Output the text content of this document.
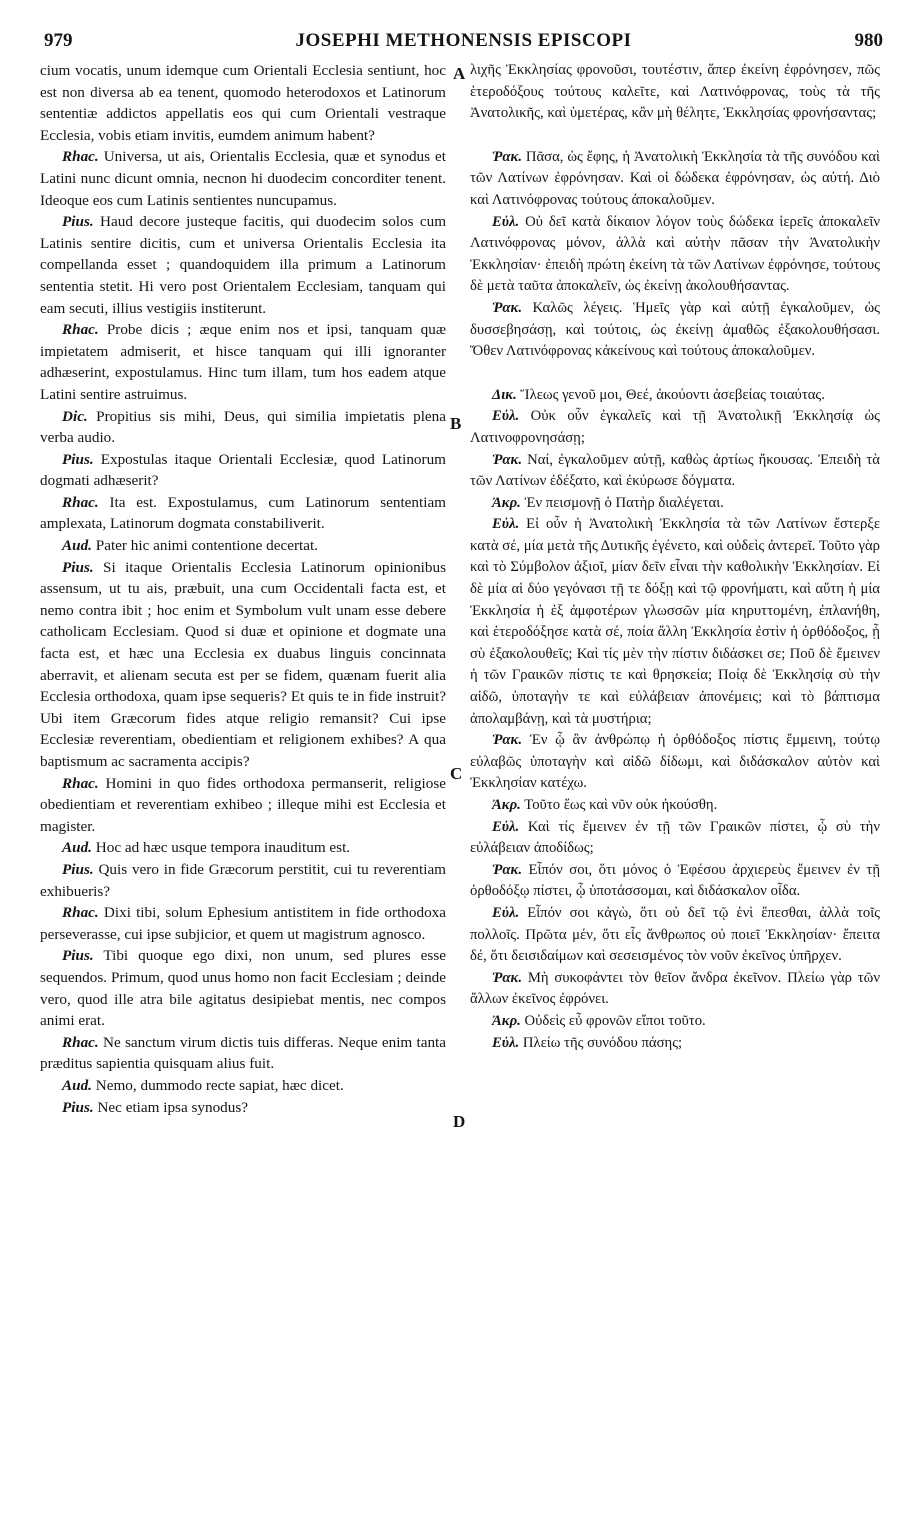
979	JOSEPHI METHONENSIS EPISCOPI	980
A
B
C
D

cium vocatis, unum idemque cum Orientali Ecclesia sentiunt, hoc est non diversa ab ea tenent, quomodo heterodoxos et Latinorum sententiæ addictos appellatis eos qui cum Orientali vestraque Ecclesia, vobis etiam invitis, eumdem animum habent?

Rhac. Universa, ut ais, Orientalis Ecclesia, quæ et synodus et Latini nunc dicunt omnia, necnon hi duodecim concorditer tenent. Ideoque eos cum Latinis sentientes nuncupamus.

Pius. Haud decore justeque facitis, qui duodecim solos cum Latinis sentire dicitis, cum et universa Orientalis Ecclesia ita compellanda esset ; quandoquidem illa primum a Latinorum sententia stetit. Hi vero post Orientalem Ecclesiam, tanquam qui eam secuti, illius vestigiis institerunt.

Rhac. Probe dicis ; æque enim nos et ipsi, tanquam quæ impietatem admiserit, et hisce tanquam qui illi ignoranter adhæserint, expostulamus. Hinc tum illam, tum hos eadem atque Latini sentire astruimus.

Dic. Propitius sis mihi, Deus, qui similia impietatis plena verba audio.

Pius. Expostulas itaque Orientali Ecclesiæ, quod Latinorum dogmati adhæserit?

Rhac. Ita est. Expostulamus, cum Latinorum sententiam amplexata, Latinorum dogmata constabiliverit.

Aud. Pater hic animi contentione decertat.

Pius. Si itaque Orientalis Ecclesia Latinorum opinionibus assensum, ut tu ais, præbuit, una cum Occidentali facta est, et nemo contra ibit ; hoc enim et Symbolum vult unam esse debere catholicam Ecclesiam. Quod si duæ et opinione et dogmate una facta est, et hæc una Ecclesia ex duabus linguis concinnata aberravit, et alienam secuta est per se fidem, quænam fuerit alia Ecclesia orthodoxa, quam ipse sequeris? Et quis te in fide instruit? Ubi item Græcorum fides atque religio remansit? Cui ipse Ecclesiæ reverentiam, obedientiam et religionem exhibes? A qua baptismum ac sacramenta accipis?

Rhac. Homini in quo fides orthodoxa permanserit, religiose obedientiam et reverentiam exhibeo ; illeque mihi est Ecclesia et magister.

Aud. Hoc ad hæc usque tempora inauditum est.

Pius. Quis vero in fide Græcorum perstitit, cui tu reverentiam exhibueris?

Rhac. Dixi tibi, solum Ephesium antistitem in fide orthodoxa perseverasse, cui ipse subjicior, et quem ut magistrum agnosco.

Pius. Tibi quoque ego dixi, non unum, sed plures esse sequendos. Primum, quod unus homo non facit Ecclesiam ; deinde vero, quod ille atra bile agitatus desipiebat mentis, nec compos animi erat.

Rhac. Ne sanctum virum dictis tuis differas. Neque enim tanta præditus sapientia quisquam alius fuit.

Aud. Nemo, dummodo recte sapiat, hæc dicet.

Pius. Nec etiam ipsa synodus?

λιχῆς Ἐκκλησίας φρονοῦσι, τουτέστιν, ἅπερ ἐκείνη ἐφρόνησεν, πῶς ἑτεροδόξους τούτους καλεῖτε, καὶ Λατινόφρονας, τοὺς τὰ τῆς Ἀνατολικῆς, καὶ ὑμετέρας, κἂν μὴ θέλητε, Ἐκκλησίας φρονήσαντας;

Ῥακ. Πᾶσα, ὡς ἔφης, ἡ Ἀνατολικὴ Ἐκκλησία τὰ τῆς συνόδου καὶ τῶν Λατίνων ἐφρόνησαν. Καὶ οἱ δώδεκα ἐφρόνησαν, ὡς αὐτή. Διὸ καὶ Λατινόφρονας τούτους ἀποκαλοῦμεν.

Εὐλ. Οὐ δεῖ κατὰ δίκαιον λόγον τοὺς δώδεκα ἱερεῖς ἀποκαλεῖν Λατινόφρονας μόνον, ἀλλὰ καὶ αὐτὴν πᾶσαν τὴν Ἀνατολικὴν Ἐκκλησίαν· ἐπειδὴ πρώτη ἐκείνη τὰ τῶν Λατίνων ἐφρόνησε, τούτους δὲ μετὰ ταῦτα ἀποκαλεῖν, ὡς ἐκείνῃ ἀκολουθήσαντας.

Ῥακ. Καλῶς λέγεις. Ἡμεῖς γὰρ καὶ αὐτῇ ἐγκαλοῦμεν, ὡς δυσσεβησάσῃ, καὶ τούτοις, ὡς ἐκείνῃ ἀμαθῶς ἐξακολουθήσασι. Ὅθεν Λατινόφρονας κἀκείνους καὶ τούτους ἀποκαλοῦμεν.

Δικ. Ἵλεως γενοῦ μοι, Θεέ, ἀκούοντι ἀσεβείας τοιαύτας.

Εὐλ. Οὐκ οὖν ἐγκαλεῖς καὶ τῇ Ἀνατολικῇ Ἐκκλησίᾳ ὡς Λατινοφρονησάσῃ;

Ῥακ. Ναί, ἐγκαλοῦμεν αὐτῇ, καθὼς ἀρτίως ἤκουσας. Ἐπειδὴ τὰ τῶν Λατίνων ἐδέξατο, καὶ ἐκύρωσε δόγματα.

Ἀκρ. Ἐν πεισμονῇ ὁ Πατὴρ διαλέγεται.

Εὐλ. Εἰ οὖν ἡ Ἀνατολικὴ Ἐκκλησία τὰ τῶν Λατίνων ἔστερξε κατὰ σέ, μία μετὰ τῆς Δυτικῆς ἐγένετο, καὶ οὐδεὶς ἀντερεῖ. Τοῦτο γὰρ καὶ τὸ Σύμβολον ἀξιοῖ, μίαν δεῖν εἶναι τὴν καθολικὴν Ἐκκλησίαν. Εἰ δὲ μία αἱ δύο γεγόνασι τῇ τε δόξῃ καὶ τῷ φρονήματι, καὶ αὕτη ἡ μία Ἐκκλησία ἡ ἐξ ἀμφοτέρων γλωσσῶν μία κηρυττομένη, ἐπλανήθη, καὶ ἑτεροδόξησε κατὰ σέ, ποία ἄλλη Ἐκκλησία ἐστὶν ἡ ὀρθόδοξος, ᾗ σὺ ἐξακολουθεῖς; Καὶ τίς μὲν τὴν πίστιν διδάσκει σε; Ποῦ δὲ ἔμεινεν ἡ τῶν Γραικῶν πίστις τε καὶ θρησκεία; Ποίᾳ δὲ Ἐκκλησίᾳ σὺ τὴν αἰδῶ, ὑποταγὴν τε καὶ εὐλάβειαν ἀπονέμεις; καὶ τὸ βάπτισμα ἀπολαμβάνῃ, καὶ τὰ μυστήρια;

Ῥακ. Ἐν ᾧ ἂν ἀνθρώπῳ ἡ ὀρθόδοξος πίστις ἔμμεινη, τούτῳ εὐλαβῶς ὑποταγὴν καὶ αἰδῶ δίδωμι, καὶ διδάσκαλον αὐτὸν καὶ Ἐκκλησίαν κατέχω.

Ἀκρ. Τοῦτο ἕως καὶ νῦν οὐκ ἠκούσθη.

Εὐλ. Καὶ τίς ἔμεινεν ἐν τῇ τῶν Γραικῶν πίστει, ᾧ σὺ τὴν εὐλάβειαν ἀποδίδως;

Ῥακ. Εἶπόν σοι, ὅτι μόνος ὁ Ἐφέσου ἀρχιερεὺς ἔμεινεν ἐν τῇ ὀρθοδόξῳ πίστει, ᾧ ὑποτάσσομαι, καὶ διδάσκαλον οἶδα.

Εὐλ. Εἶπόν σοι κἀγὼ, ὅτι οὐ δεῖ τῷ ἑνὶ ἕπεσθαι, ἀλλὰ τοῖς πολλοῖς. Πρῶτα μέν, ὅτι εἷς ἄνθρωπος οὐ ποιεῖ Ἐκκλησίαν· ἔπειτα δέ, ὅτι δεισιδαίμων καὶ σεσεισμένος τὸν νοῦν ἐκεῖνος ὑπῆρχεν.

Ῥακ. Μὴ συκοφάντει τὸν θεῖον ἄνδρα ἐκεῖνον. Πλείω γὰρ τῶν ἄλλων ἐκεῖνος ἐφρόνει.

Ἀκρ. Οὐδεὶς εὖ φρονῶν εἴποι τοῦτο.

Εὐλ. Πλείω τῆς συνόδου πάσης;
